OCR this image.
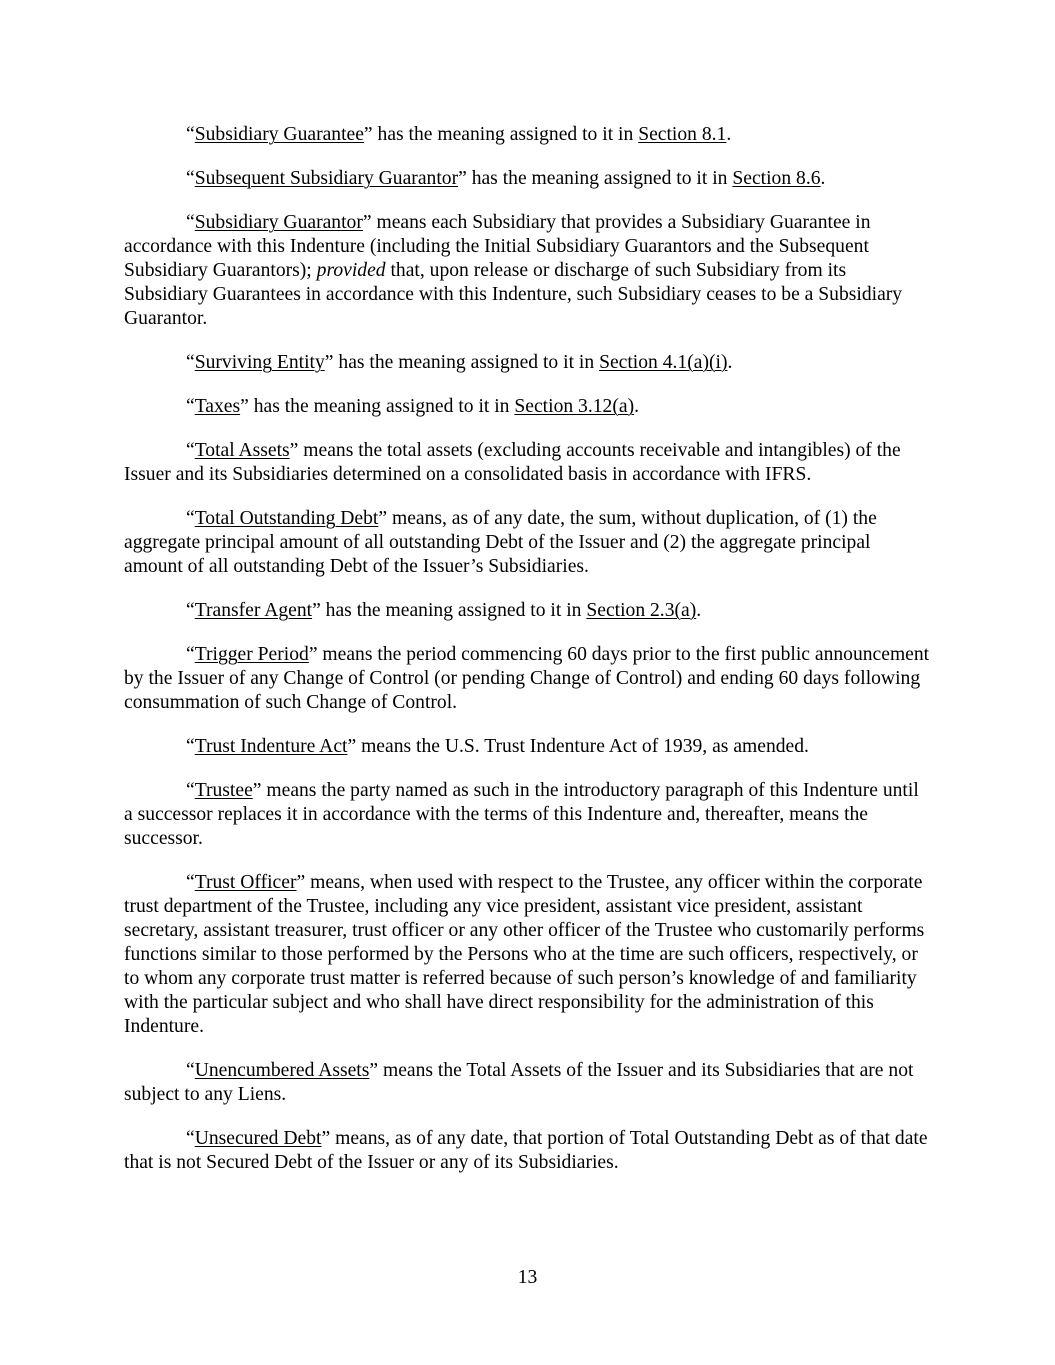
“Subsidiary Guarantee” has the meaning assigned to it in Section 8.1.

“Subsequent Subsidiary Guarantor” has the meaning assigned to it in Section 8.6.

“Subsidiary Guarantor” means each Subsidiary that provides a Subsidiary Guarantee in accordance with this Indenture (including the Initial Subsidiary Guarantors and the Subsequent Subsidiary Guarantors); provided that, upon release or discharge of such Subsidiary from its Subsidiary Guarantees in accordance with this Indenture, such Subsidiary ceases to be a Subsidiary Guarantor.

“Surviving Entity” has the meaning assigned to it in Section 4.1(a)(i).

“Taxes” has the meaning assigned to it in Section 3.12(a).

“Total Assets” means the total assets (excluding accounts receivable and intangibles) of the Issuer and its Subsidiaries determined on a consolidated basis in accordance with IFRS.

“Total Outstanding Debt” means, as of any date, the sum, without duplication, of (1) the aggregate principal amount of all outstanding Debt of the Issuer and (2) the aggregate principal amount of all outstanding Debt of the Issuer’s Subsidiaries.

“Transfer Agent” has the meaning assigned to it in Section 2.3(a).

“Trigger Period” means the period commencing 60 days prior to the first public announcement by the Issuer of any Change of Control (or pending Change of Control) and ending 60 days following consummation of such Change of Control.

“Trust Indenture Act” means the U.S. Trust Indenture Act of 1939, as amended.

“Trustee” means the party named as such in the introductory paragraph of this Indenture until a successor replaces it in accordance with the terms of this Indenture and, thereafter, means the successor.

“Trust Officer” means, when used with respect to the Trustee, any officer within the corporate trust department of the Trustee, including any vice president, assistant vice president, assistant secretary, assistant treasurer, trust officer or any other officer of the Trustee who customarily performs functions similar to those performed by the Persons who at the time are such officers, respectively, or to whom any corporate trust matter is referred because of such person’s knowledge of and familiarity with the particular subject and who shall have direct responsibility for the administration of this Indenture.

“Unencumbered Assets” means the Total Assets of the Issuer and its Subsidiaries that are not subject to any Liens.

“Unsecured Debt” means, as of any date, that portion of Total Outstanding Debt as of that date that is not Secured Debt of the Issuer or any of its Subsidiaries.

13
